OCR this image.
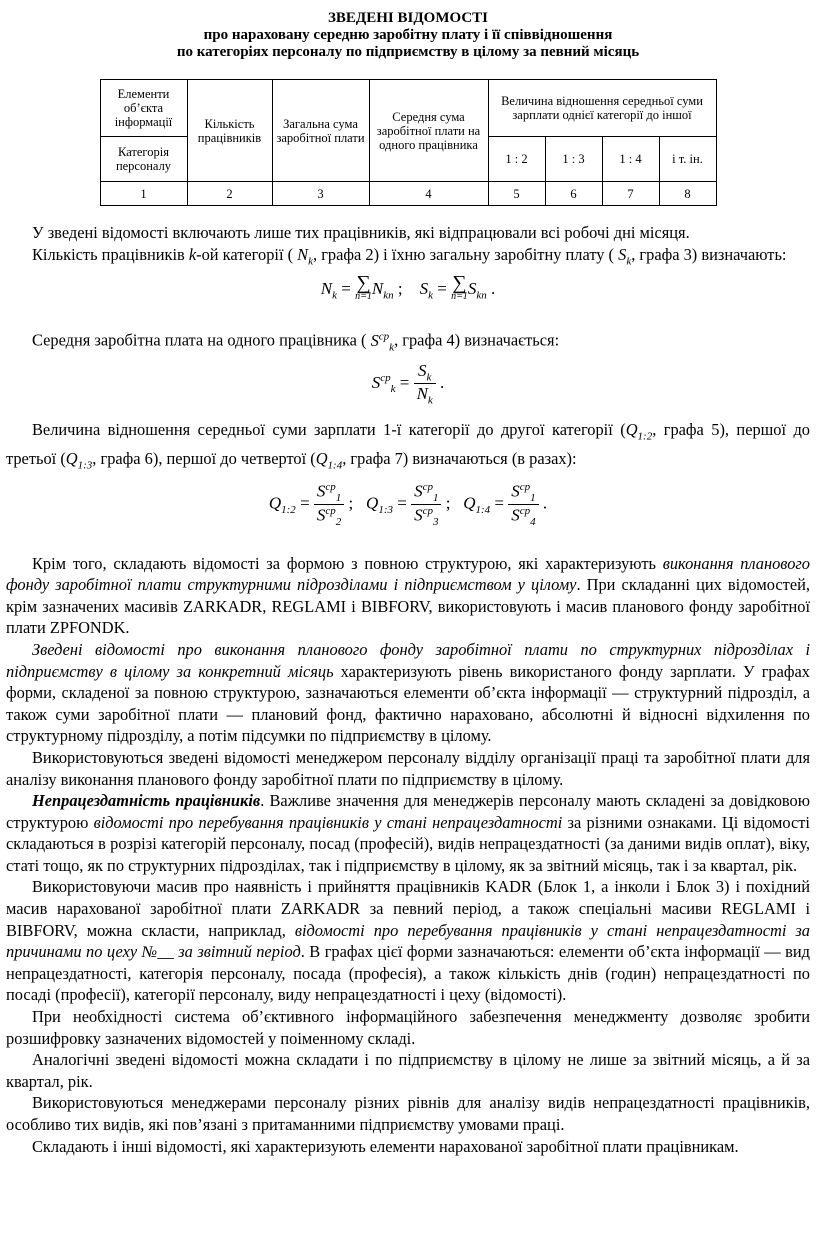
ЗВЕДЕНІ ВІДОМОСТІ
про нараховану середню заробітну плату і її співвідношення
по категоріях персоналу по підприємству в цілому за певний місяць
Елементи об’єкта інформації	Кількість працівників	Загальна сума заробітної плати	Середня сума заробітної плати на одного працівника	Величина відношення середньої суми зарплати однієї категорії до іншої			
Категорія персоналу				1 : 2	1 : 3	1 : 4	і т. ін.
1	2	3	4	5	6	7	8

У зведені відомості включають лише тих працівників, які відпрацювали всі робочі дні місяця.

Кількість працівників k-ой категорії ( $N_k$, графа 2) і їхню загальну заробітну плату ( $S_k$, графа 3) визначають:

$N_k$ = ∑
n=1 $N_{kn}$ ; $S_k$ = ∑
n=1 $S_{kn}$ .

Середня заробітна плата на одного працівника ( $S^{cp}_k$, графа 4) визначається:

$S^{cp}_k = \frac{S_k}{N_k}$ .

Величина відношення середньої суми зарплати 1-ї категорії до другої категорії ($Q_{1:2}$, графа 5), першої до третьої ($Q_{1:3}$, графа 6), першої до четвертої ($Q_{1:4}$, графа 7) визначаються (в разах):

$Q_{1:2} = \frac{S^{cp}_1}{S^{cp}_2}$ ; $Q_{1:3} = \frac{S^{cp}_1}{S^{cp}_3}$ ; $Q_{1:4} = \frac{S^{cp}_1}{S^{cp}_4}$ .

Крім того, складають відомості за формою з повною структурою, які характеризують виконання планового фонду заробітної плати структурними підрозділами і підприємством у цілому. При складанні цих відомостей, крім зазначених масивів ZARKADR, REGLAMI і BIBFORV, використовують і масив планового фонду заробітної плати ZPFONDK.

Зведені відомості про виконання планового фонду заробітної плати по структурних підрозділах і підприємству в цілому за конкретний місяць характеризують рівень використаного фонду зарплати. У графах форми, складеної за повною структурою, зазначаються елементи об’єкта інформації — структурний підрозділ, а також суми заробітної плати — плановий фонд, фактично нараховано, абсолютні й відносні відхилення по структурному підрозділу, а потім підсумки по підприємству в цілому.

Використовуються зведені відомості менеджером персоналу відділу організації праці та заробітної плати для аналізу виконання планового фонду заробітної плати по підприємству в цілому.

Непрацездатність працівників. Важливе значення для менеджерів персоналу мають складені за довідковою структурою відомості про перебування працівників у стані непрацездатності за різними ознаками. Ці відомості складаються в розрізі категорій персоналу, посад (професій), видів непрацездатності (за даними видів оплат), віку, статі тощо, як по структурних підрозділах, так і підприємству в цілому, як за звітний місяць, так і за квартал, рік.

Використовуючи масив про наявність і прийняття працівників KADR (Блок 1, а інколи і Блок 3) і похідний масив нарахованої заробітної плати ZARKADR за певний період, а також спеціальні масиви REGLAMI і BIBFORV, можна скласти, наприклад, відомості про перебування працівників у стані непрацездатності за причинами по цеху №__ за звітний період. В графах цієї форми зазначаються: елементи об’єкта інформації — вид непрацездатності, категорія персоналу, посада (професія), а також кількість днів (годин) непрацездатності по посаді (професії), категорії персоналу, виду непрацездатності і цеху (відомості).

При необхідності система об’єктивного інформаційного забезпечення менеджменту дозволяє зробити розшифровку зазначених відомостей у поіменному складі.

Аналогічні зведені відомості можна складати і по підприємству в цілому не лише за звітний місяць, а й за квартал, рік.

Використовуються менеджерами персоналу різних рівнів для аналізу видів непрацездатності працівників, особливо тих видів, які пов’язані з притаманними підприємству умовами праці.

Складають і інші відомості, які характеризують елементи нарахованої заробітної плати працівникам.
